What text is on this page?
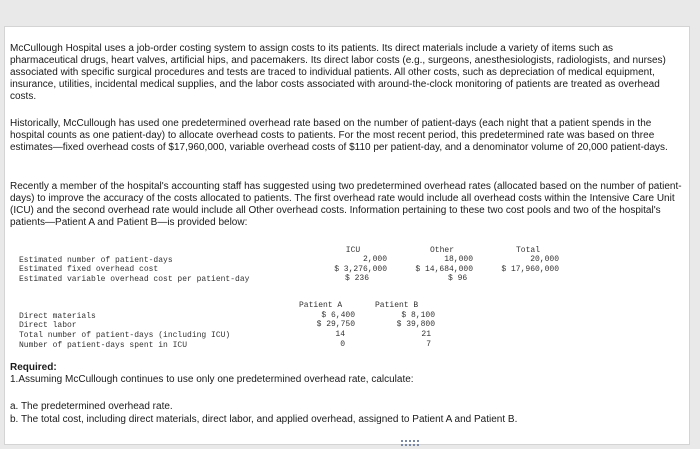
McCullough Hospital uses a job-order costing system to assign costs to its patients. Its direct materials include a variety of items such as pharmaceutical drugs, heart valves, artificial hips, and pacemakers. Its direct labor costs (e.g., surgeons, anesthesiologists, radiologists, and nurses) associated with specific surgical procedures and tests are traced to individual patients. All other costs, such as depreciation of medical equipment, insurance, utilities, incidental medical supplies, and the labor costs associated with around-the-clock monitoring of patients are treated as overhead costs.

Historically, McCullough has used one predetermined overhead rate based on the number of patient-days (each night that a patient spends in the hospital counts as one patient-day) to allocate overhead costs to patients. For the most recent period, this predetermined rate was based on three estimates—fixed overhead costs of $17,960,000, variable overhead costs of $110 per patient-day, and a denominator volume of 20,000 patient-days.

Recently a member of the hospital's accounting staff has suggested using two predetermined overhead rates (allocated based on the number of patient-days) to improve the accuracy of the costs allocated to patients. The first overhead rate would include all overhead costs within the Intensive Care Unit (ICU) and the second overhead rate would include all Other overhead costs. Information pertaining to these two cost pools and two of the hospital's patients—Patient A and Patient B—is provided below:

ICU	Other	Total
Estimated number of patient-days	2,000	18,000	20,000
Estimated fixed overhead cost	$ 3,276,000	$ 14,684,000	$ 17,960,000
Estimated variable overhead cost per patient-day	$ 236	$ 96
Patient A	Patient B
Direct materials	$ 6,400	$ 8,100
Direct labor	$ 29,750	$ 39,800
Total number of patient-days (including ICU)	14	21
Number of patient-days spent in ICU	0	7

Required:

1.Assuming McCullough continues to use only one predetermined overhead rate, calculate:

a. The predetermined overhead rate.

b. The total cost, including direct materials, direct labor, and applied overhead, assigned to Patient A and Patient B.
